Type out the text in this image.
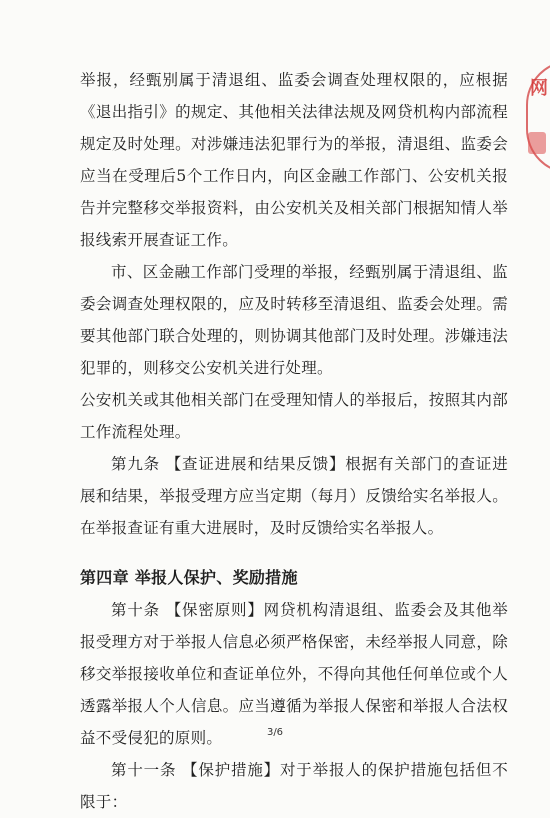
网

举报，经甄别属于清退组、监委会调查处理权限的，应根据《退出指引》的规定、其他相关法律法规及网贷机构内部流程规定及时处理。对涉嫌违法犯罪行为的举报，清退组、监委会应当在受理后5个工作日内，向区金融工作部门、公安机关报告并完整移交举报资料，由公安机关及相关部门根据知情人举报线索开展查证工作。

市、区金融工作部门受理的举报，经甄别属于清退组、监委会调查处理权限的，应及时转移至清退组、监委会处理。需要其他部门联合处理的，则协调其他部门及时处理。涉嫌违法犯罪的，则移交公安机关进行处理。

公安机关或其他相关部门在受理知情人的举报后，按照其内部工作流程处理。

第九条 【查证进展和结果反馈】根据有关部门的查证进展和结果，举报受理方应当定期（每月）反馈给实名举报人。在举报查证有重大进展时，及时反馈给实名举报人。

第四章 举报人保护、奖励措施

第十条 【保密原则】网贷机构清退组、监委会及其他举报受理方对于举报人信息必须严格保密，未经举报人同意，除移交举报接收单位和查证单位外，不得向其他任何单位或个人透露举报人个人信息。应当遵循为举报人保密和举报人合法权益不受侵犯的原则。

第十一条 【保护措施】对于举报人的保护措施包括但不限于：

3/6
